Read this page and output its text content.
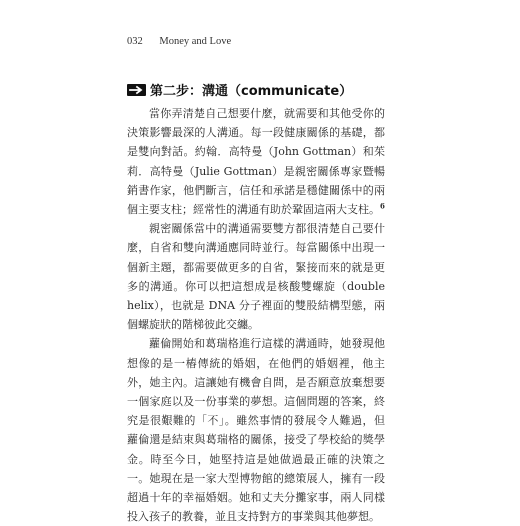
032 Money and Love
第二步：溝通（communicate）

當你弄清楚自己想要什麼，就需要和其他受你的決策影響最深的人溝通。每一段健康關係的基礎，都是雙向對話。約翰．高特曼（John Gottman）和茱莉．高特曼（Julie Gottman）是親密關係專家暨暢銷書作家，他們斷言，信任和承諾是穩健關係中的兩個主要支柱；經常性的溝通有助於鞏固這兩大支柱。$^6$

親密關係當中的溝通需要雙方都很清楚自己要什麼，自省和雙向溝通應同時並行。每當關係中出現一個新主題，都需要做更多的自省，緊接而來的就是更多的溝通。你可以把這想成是核酸雙螺旋（double helix），也就是 DNA 分子裡面的雙股結構型態，兩個螺旋狀的階梯彼此交纏。

蘿倫開始和葛瑞格進行這樣的溝通時，她發現他想像的是一樁傳統的婚姻，在他們的婚姻裡，他主外，她主內。這讓她有機會自問，是否願意放棄想要一個家庭以及一份事業的夢想。這個問題的答案，終究是很艱難的「不」。雖然事情的發展令人難過，但蘿倫還是結束與葛瑞格的關係，接受了學校給的獎學金。時至今日，她堅持這是她做過最正確的決策之一。她現在是一家大型博物館的總策展人，擁有一段超過十年的幸福婚姻。她和丈夫分攤家事，兩人同樣投入孩子的教養，並且支持對方的事業與其他夢想。
